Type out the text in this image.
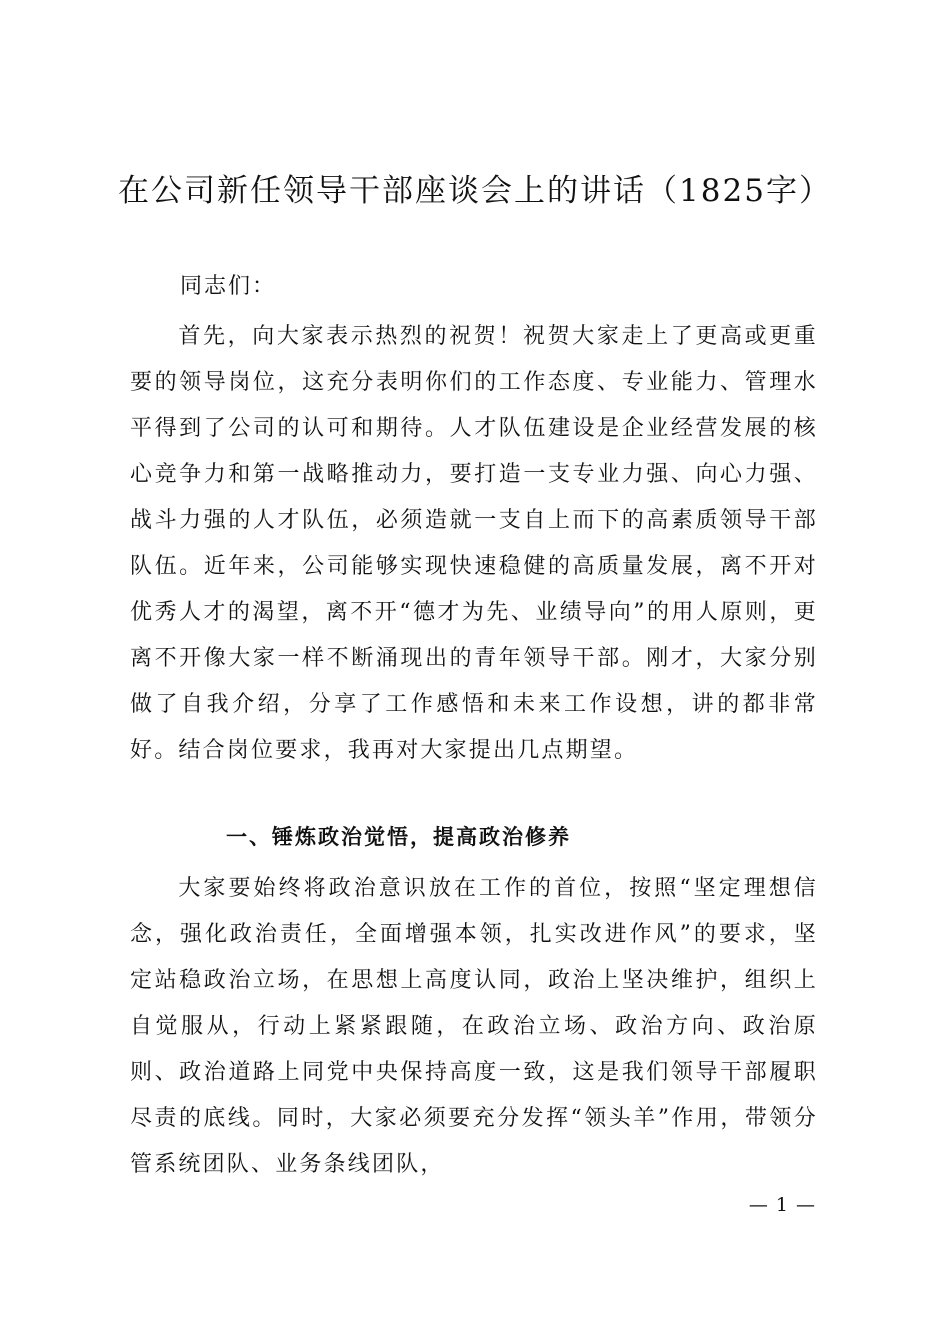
在公司新任领导干部座谈会上的讲话（1825字）
同志们：
首先，向大家表示热烈的祝贺！祝贺大家走上了更高或更重要的领导岗位，这充分表明你们的工作态度、专业能力、管理水平得到了公司的认可和期待。人才队伍建设是企业经营发展的核心竞争力和第一战略推动力，要打造一支专业力强、向心力强、战斗力强的人才队伍，必须造就一支自上而下的高素质领导干部队伍。近年来，公司能够实现快速稳健的高质量发展，离不开对优秀人才的渴望，离不开“德才为先、业绩导向”的用人原则，更离不开像大家一样不断涌现出的青年领导干部。刚才，大家分别做了自我介绍，分享了工作感悟和未来工作设想，讲的都非常好。结合岗位要求，我再对大家提出几点期望。
一、锤炼政治觉悟，提高政治修养
大家要始终将政治意识放在工作的首位，按照“坚定理想信念，强化政治责任，全面增强本领，扎实改进作风”的要求，坚定站稳政治立场，在思想上高度认同，政治上坚决维护，组织上自觉服从，行动上紧紧跟随，在政治立场、政治方向、政治原则、政治道路上同党中央保持高度一致，这是我们领导干部履职尽责的底线。同时，大家必须要充分发挥“领头羊”作用，带领分管系统团队、业务条线团队，
— 1 —
